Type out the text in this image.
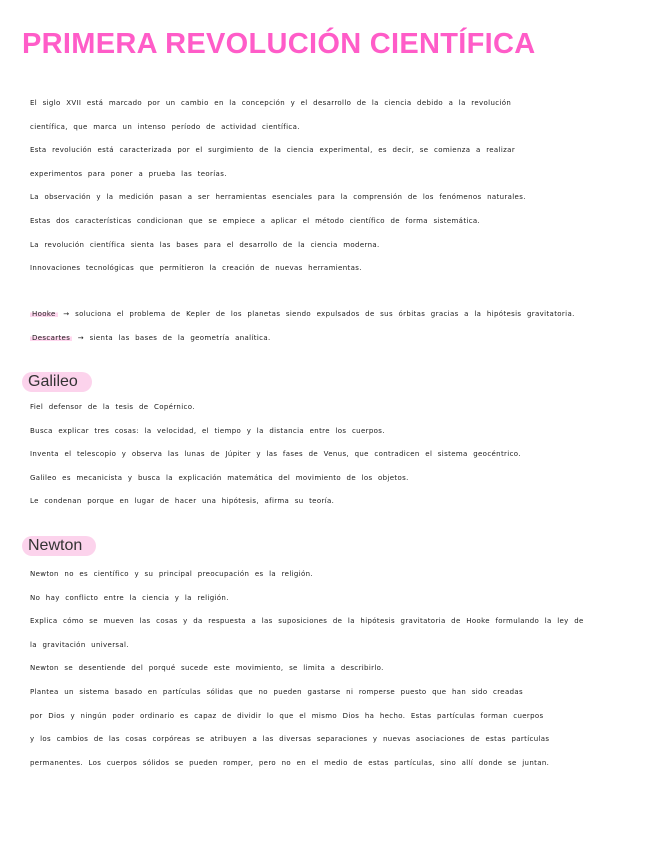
PRIMERA REVOLUCIÓN CIENTÍFICA
El siglo XVII está marcado por un cambio en la concepción y el desarrollo de la ciencia debido a la revolución
científica, que marca un intenso período de actividad científica.
Esta revolución está caracterizada por el surgimiento de la ciencia experimental, es decir, se comienza a realizar
experimentos para poner a prueba las teorías.
La observación y la medición pasan a ser herramientas esenciales para la comprensión de los fenómenos naturales.
Estas dos características condicionan que se empiece a aplicar el método científico de forma sistemática.
La revolución científica sienta las bases para el desarrollo de la ciencia moderna.
Innovaciones tecnológicas que permitieron la creación de nuevas herramientas.
Hooke → soluciona el problema de Kepler de los planetas siendo expulsados de sus órbitas gracias a la hipótesis gravitatoria.
Descartes → sienta las bases de la geometría analítica.
Galileo
Fiel defensor de la tesis de Copérnico.
Busca explicar tres cosas: la velocidad, el tiempo y la distancia entre los cuerpos.
Inventa el telescopio y observa las lunas de Júpiter y las fases de Venus, que contradicen el sistema geocéntrico.
Galileo es mecanicista y busca la explicación matemática del movimiento de los objetos.
Le condenan porque en lugar de hacer una hipótesis, afirma su teoría.
Newton
Newton no es científico y su principal preocupación es la religión.
No hay conflicto entre la ciencia y la religión.
Explica cómo se mueven las cosas y da respuesta a las suposiciones de la hipótesis gravitatoria de Hooke formulando la ley de
la gravitación universal.
Newton se desentiende del porqué sucede este movimiento, se limita a describirlo.
Plantea un sistema basado en partículas sólidas que no pueden gastarse ni romperse puesto que han sido creadas
por Dios y ningún poder ordinario es capaz de dividir lo que el mismo Dios ha hecho. Estas partículas forman cuerpos
y los cambios de las cosas corpóreas se atribuyen a las diversas separaciones y nuevas asociaciones de estas partículas
permanentes. Los cuerpos sólidos se pueden romper, pero no en el medio de estas partículas, sino allí donde se juntan.
